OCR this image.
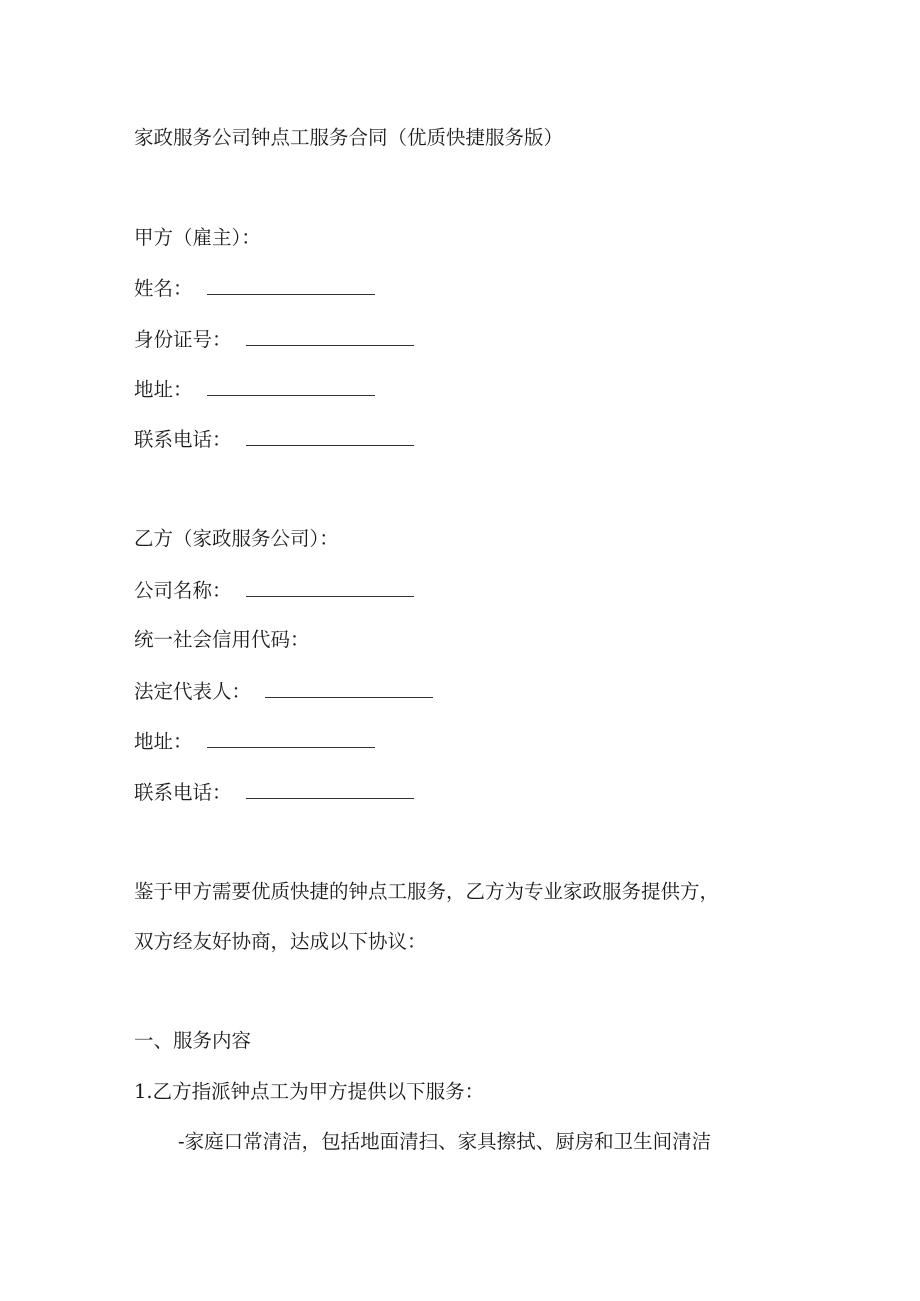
家政服务公司钟点工服务合同（优质快捷服务版）
甲方（雇主）：
姓名：
身份证号：
地址：
联系电话：
乙方（家政服务公司）：
公司名称：
统一社会信用代码：
法定代表人：
地址：
联系电话：
鉴于甲方需要优质快捷的钟点工服务，乙方为专业家政服务提供方，
双方经友好协商，达成以下协议：
一、服务内容
1.乙方指派钟点工为甲方提供以下服务：
-家庭口常清洁，包括地面清扫、家具擦拭、厨房和卫生间清洁
